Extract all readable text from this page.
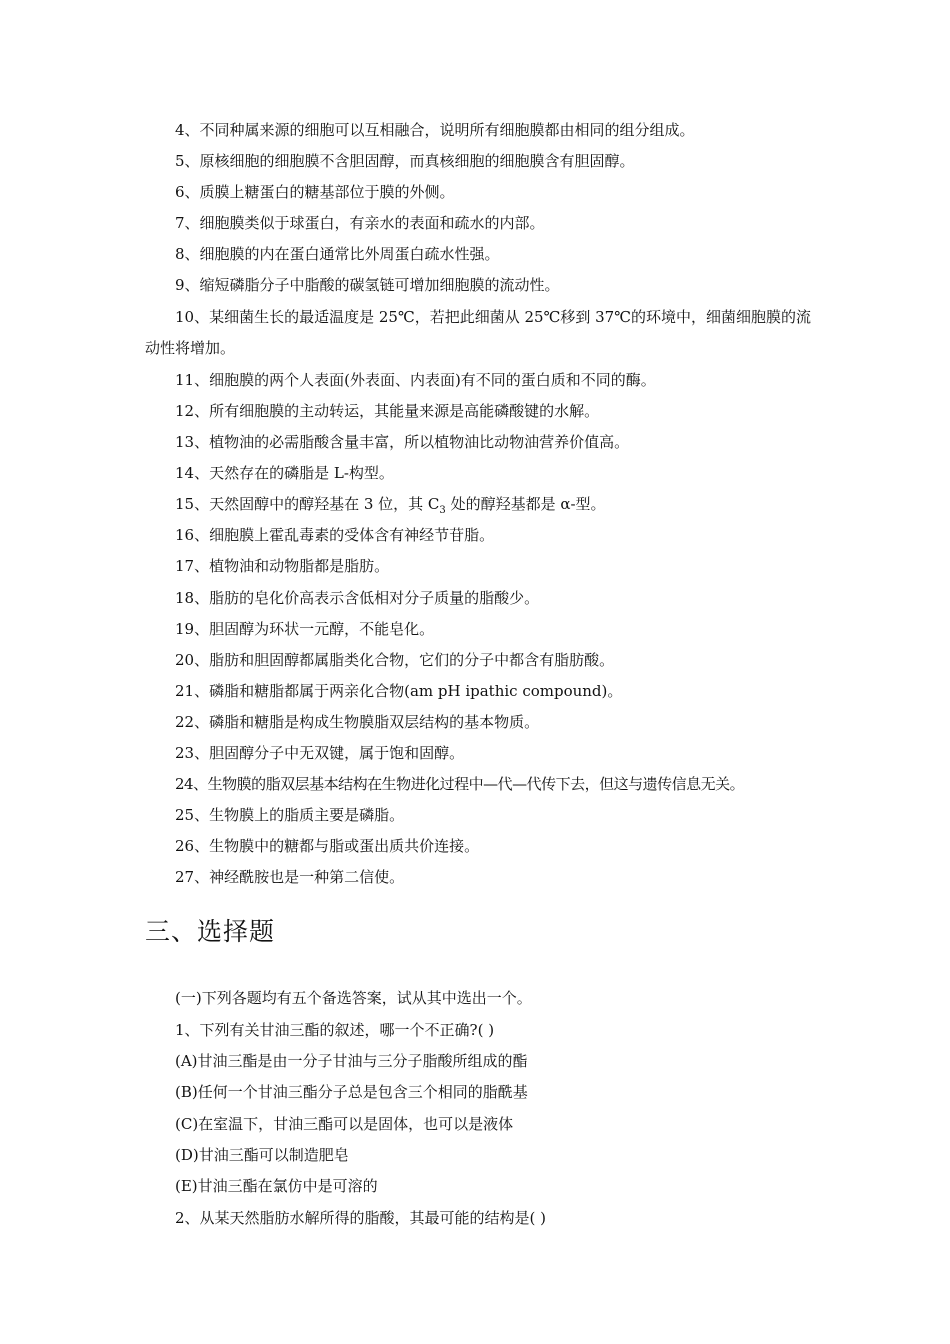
4、不同种属来源的细胞可以互相融合，说明所有细胞膜都由相同的组分组成。
5、原核细胞的细胞膜不含胆固醇，而真核细胞的细胞膜含有胆固醇。
6、质膜上糖蛋白的糖基部位于膜的外侧。
7、细胞膜类似于球蛋白，有亲水的表面和疏水的内部。
8、细胞膜的内在蛋白通常比外周蛋白疏水性强。
9、缩短磷脂分子中脂酸的碳氢链可增加细胞膜的流动性。
10、某细菌生长的最适温度是 25℃，若把此细菌从 25℃移到 37℃的环境中，细菌细胞膜的流动性将增加。
11、细胞膜的两个人表面(外表面、内表面)有不同的蛋白质和不同的酶。
12、所有细胞膜的主动转运，其能量来源是高能磷酸键的水解。
13、植物油的必需脂酸含量丰富，所以植物油比动物油营养价值高。
14、天然存在的磷脂是 L-构型。
15、天然固醇中的醇羟基在 3 位，其 $C_3$ 处的醇羟基都是 α-型。
16、细胞膜上霍乱毒素的受体含有神经节苷脂。
17、植物油和动物脂都是脂肪。
18、脂肪的皂化价高表示含低相对分子质量的脂酸少。
19、胆固醇为环状一元醇，不能皂化。
20、脂肪和胆固醇都属脂类化合物，它们的分子中都含有脂肪酸。
21、磷脂和糖脂都属于两亲化合物(am pH ipathic compound)。
22、磷脂和糖脂是构成生物膜脂双层结构的基本物质。
23、胆固醇分子中无双键，属于饱和固醇。
24、生物膜的脂双层基本结构在生物进化过程中—代—代传下去，但这与遗传信息无关。
25、生物膜上的脂质主要是磷脂。
26、生物膜中的糖都与脂或蛋出质共价连接。
27、神经酰胺也是一种第二信使。
三、选择题
(一)下列各题均有五个备选答案，试从其中选出一个。
1、下列有关甘油三酯的叙述，哪一个不正确?( )
(A)甘油三酯是由一分子甘油与三分子脂酸所组成的酯
(B)任何一个甘油三酯分子总是包含三个相同的脂酰基
(C)在室温下，甘油三酯可以是固体，也可以是液体
(D)甘油三酯可以制造肥皂
(E)甘油三酯在氯仿中是可溶的
2、从某天然脂肪水解所得的脂酸，其最可能的结构是( )
